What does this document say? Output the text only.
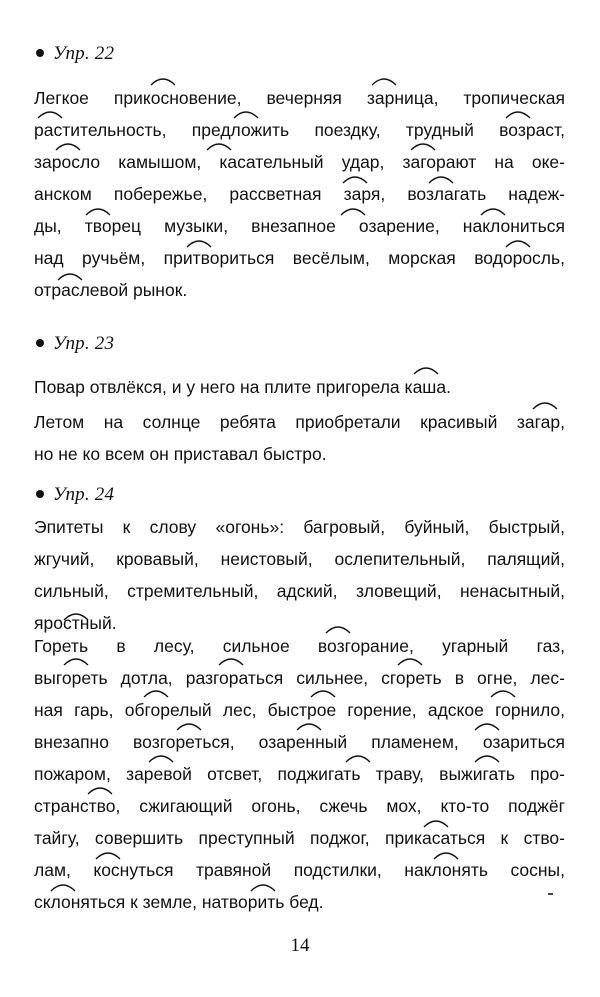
Упр. 22
Легкое прикосновение, вечерняя зарница, тропическая
растительность, предложить поездку, трудный возраст,
заросло камышом, касательный удар, загорают на оке-
анском побережье, рассветная заря, возлагать надеж-
ды, творец музыки, внезапное озарение, наклониться
над ручьём, притвориться весёлым, морская водоросль,
отраслевой рынок.
Упр. 23
Повар отвлёкся, и у него на плите пригорела каша.
Летом на солнце ребята приобретали красивый загар,
но не ко всем он приставал быстро.
Упр. 24
Эпитеты к слову «огонь»: багровый, буйный, быстрый,
жгучий, кровавый, неистовый, ослепительный, палящий,
сильный, стремительный, адский, зловещий, ненасытный,
яростный.
Гореть в лесу, сильное возгорание, угарный газ,
выгореть дотла, разгораться сильнее, сгореть в огне, лес-
ная гарь, обгорелый лес, быстрое горение, адское горнило,
внезапно возгореться, озаренный пламенем, озариться
пожаром, заревой отсвет, поджигать траву, выжигать про-
странство, сжигающий огонь, сжечь мох, кто-то поджёг
тайгу, совершить преступный поджог, прикасаться к ство-
лам, коснуться травяной подстилки, наклонять сосны,
склоняться к земле, натворить бед.
14
